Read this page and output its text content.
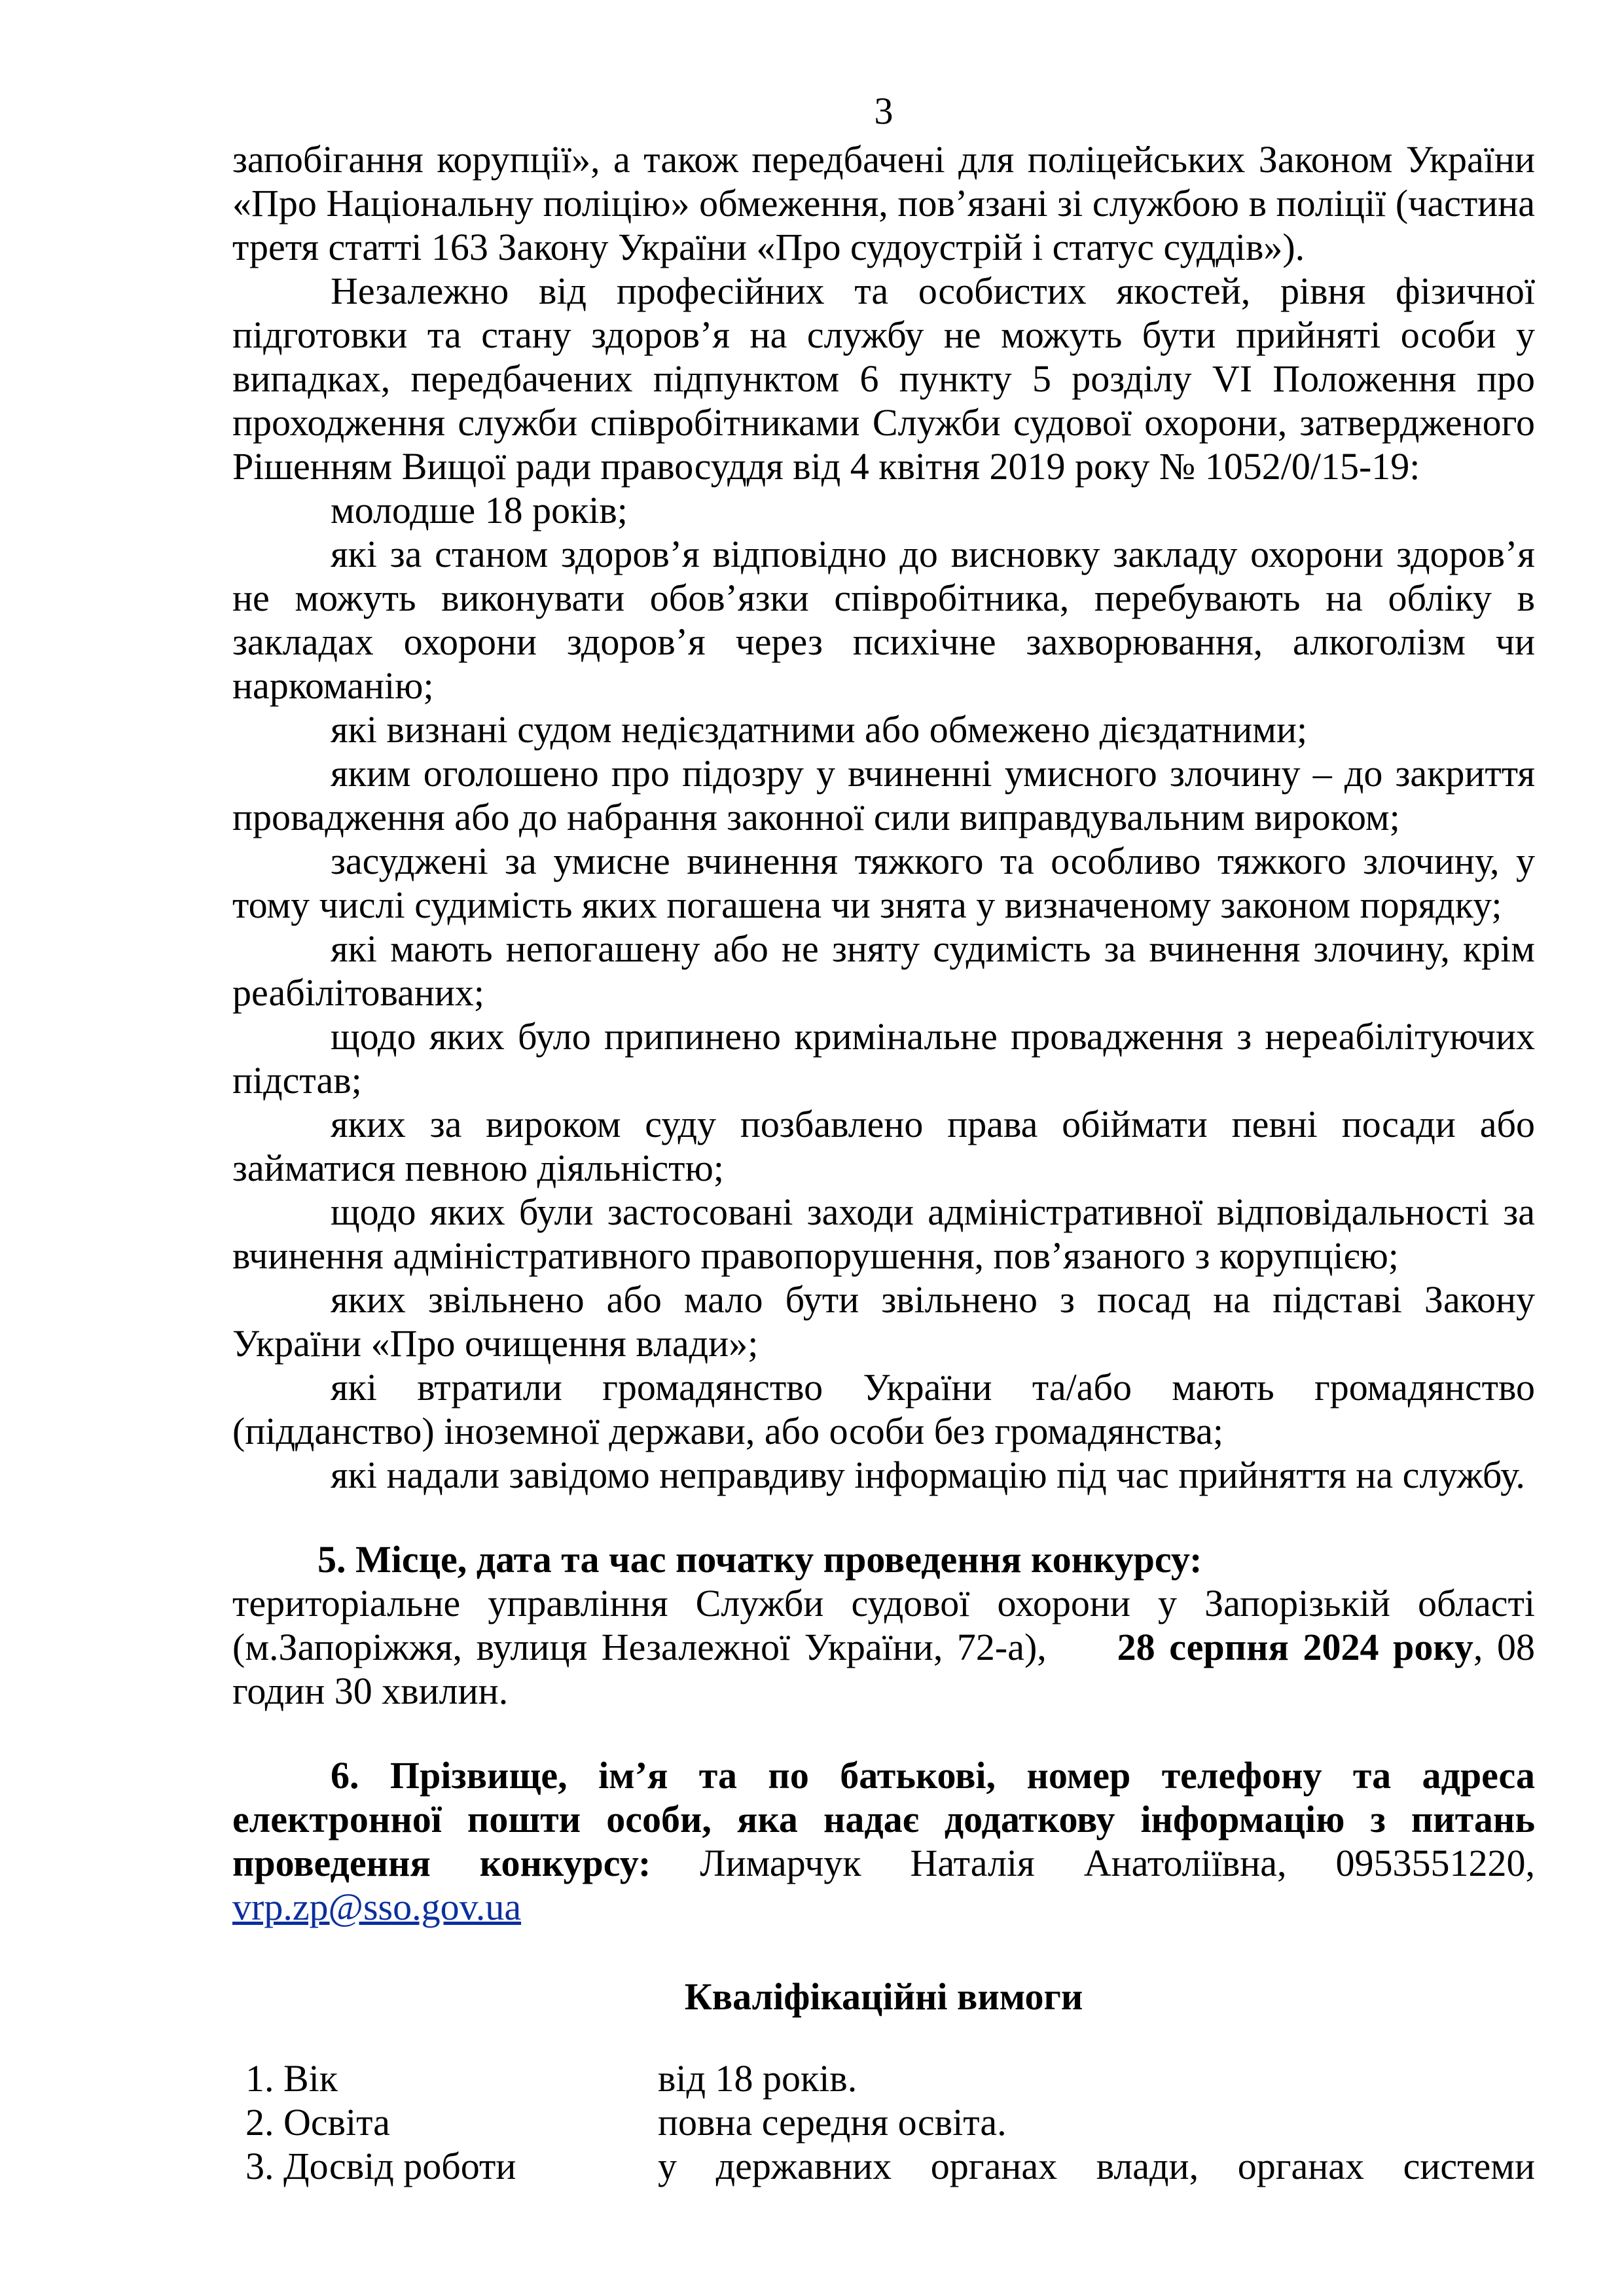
3

запобігання корупції», а також передбачені для поліцейських Законом України «Про Національну поліцію» обмеження, пов’язані зі службою в поліції (частина третя статті 163 Закону України «Про судоустрій і статус суддів»).

Незалежно від професійних та особистих якостей, рівня фізичної підготовки та стану здоров’я на службу не можуть бути прийняті особи у випадках, передбачених підпунктом 6 пункту 5 розділу VI Положення про проходження служби співробітниками Служби судової охорони, затвердженого Рішенням Вищої ради правосуддя від 4 квітня 2019 року № 1052/0/15-19:

молодше 18 років;

які за станом здоров’я відповідно до висновку закладу охорони здоров’я не можуть виконувати обов’язки співробітника, перебувають на обліку в закладах охорони здоров’я через психічне захворювання, алкоголізм чи наркоманію;

які визнані судом недієздатними або обмежено дієздатними;

яким оголошено про підозру у вчиненні умисного злочину – до закриття провадження або до набрання законної сили виправдувальним вироком;

засуджені за умисне вчинення тяжкого та особливо тяжкого злочину, у тому числі судимість яких погашена чи знята у визначеному законом порядку;

які мають непогашену або не зняту судимість за вчинення злочину, крім реабілітованих;

щодо яких було припинено кримінальне провадження з нереабілітуючих підстав;

яких за вироком суду позбавлено права обіймати певні посади або займатися певною діяльністю;

щодо яких були застосовані заходи адміністративної відповідальності за вчинення адміністративного правопорушення, пов’язаного з корупцією;

яких звільнено або мало бути звільнено з посад на підставі Закону України «Про очищення влади»;

які втратили громадянство України та/або мають громадянство (підданство) іноземної держави, або особи без громадянства;

які надали завідомо неправдиву інформацію під час прийняття на службу.

5. Місце, дата та час початку проведення конкурсу:

територіальне управління Служби судової охорони у Запорізькій області (м.Запоріжжя, вулиця Незалежної України, 72-а), 28 серпня 2024 року, 08 годин 30 хвилин.

6. Прізвище, ім’я та по батькові, номер телефону та адреса електронної пошти особи, яка надає додаткову інформацію з питань проведення конкурсу: Лимарчук Наталія Анатоліївна, 0953551220, vrp.zp@sso.gov.ua

Кваліфікаційні вимоги

1. Вік	від 18 років.
2. Освіта	повна середня освіта.
3. Досвід роботи	у державних органах влади, органах системи
